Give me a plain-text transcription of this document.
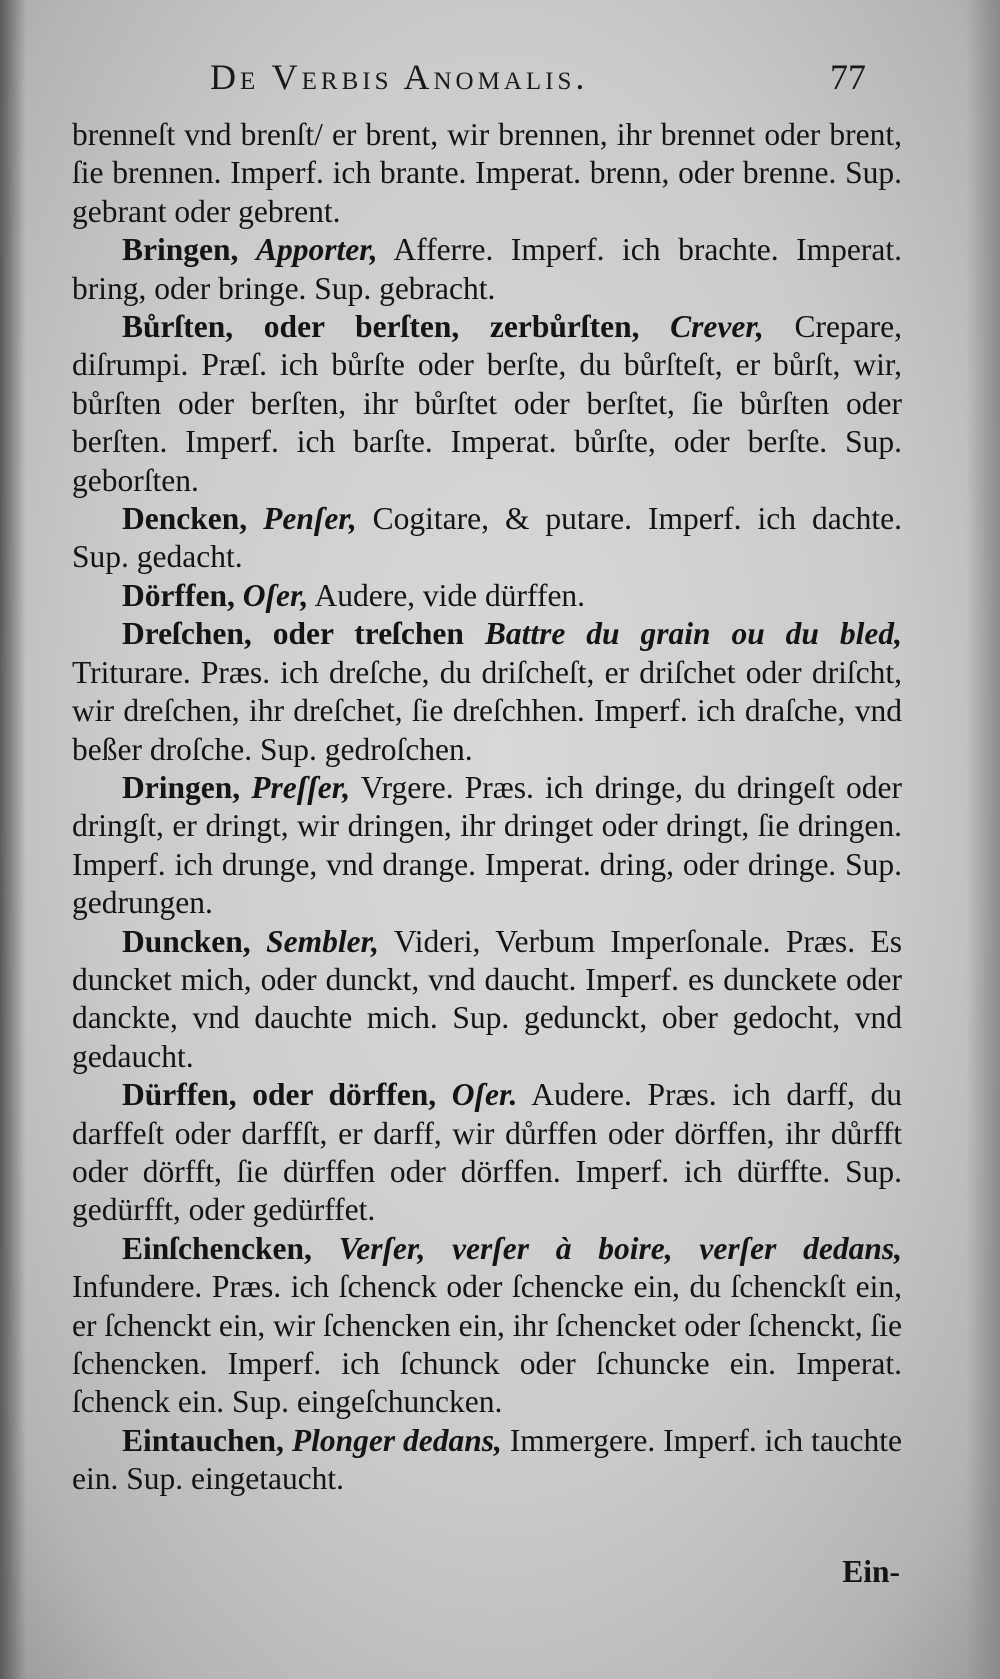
De Verbis Anomalis.	77

brenneſt vnd brenſt/ er brent, wir brennen, ihr brennet oder brent, ſie brennen. Imperf. ich brante. Imperat. brenn, oder brenne. Sup. gebrant oder gebrent.

Bringen, Apporter, Afferre. Imperf. ich brachte. Imperat. bring, oder bringe. Sup. gebracht.

Bůrſten, oder berſten, zerbůrſten, Crever, Crepare, diſrumpi. Præſ. ich bůrſte oder berſte, du bůrſteſt, er bůrſt, wir, bůrſten oder berſten, ihr bůrſtet oder berſtet, ſie bůrſten oder berſten. Imperf. ich barſte. Imperat. bůrſte, oder berſte. Sup. geborſten.

Dencken, Penſer, Cogitare, & putare. Imperf. ich dachte. Sup. gedacht.

Dörffen, Oſer, Audere, vide dürffen.

Dreſchen, oder treſchen Battre du grain ou du bled, Triturare. Præs. ich dreſche, du driſcheſt, er driſchet oder driſcht, wir dreſchen, ihr dreſchet, ſie dreſchhen. Imperf. ich draſche, vnd beßer droſche. Sup. gedroſchen.

Dringen, Preſſer, Vrgere. Præs. ich dringe, du dringeſt oder dringſt, er dringt, wir dringen, ihr dringet oder dringt, ſie dringen. Imperf. ich drunge, vnd drange. Imperat. dring, oder dringe. Sup. gedrungen.

Duncken, Sembler, Videri, Verbum Imperſonale. Præs. Es duncket mich, oder dunckt, vnd daucht. Imperf. es dunckete oder danckte, vnd dauchte mich. Sup. gedunckt, ober gedocht, vnd gedaucht.

Dürffen, oder dörffen, Oſer. Audere. Præs. ich darff, du darffeſt oder darffſt, er darff, wir důrffen oder dörffen, ihr důrfft oder dörfft, ſie dürffen oder dörffen. Imperf. ich dürffte. Sup. gedürfft, oder gedürffet.

Einſchencken, Verſer, verſer à boire, verſer dedans, Infundere. Præs. ich ſchenck oder ſchencke ein, du ſchenckſt ein, er ſchenckt ein, wir ſchencken ein, ihr ſchencket oder ſchenckt, ſie ſchencken. Imperf. ich ſchunck oder ſchuncke ein. Imperat. ſchenck ein. Sup. eingeſchuncken.

Eintauchen, Plonger dedans, Immergere. Imperf. ich tauchte ein. Sup. eingetaucht.

Ein-
